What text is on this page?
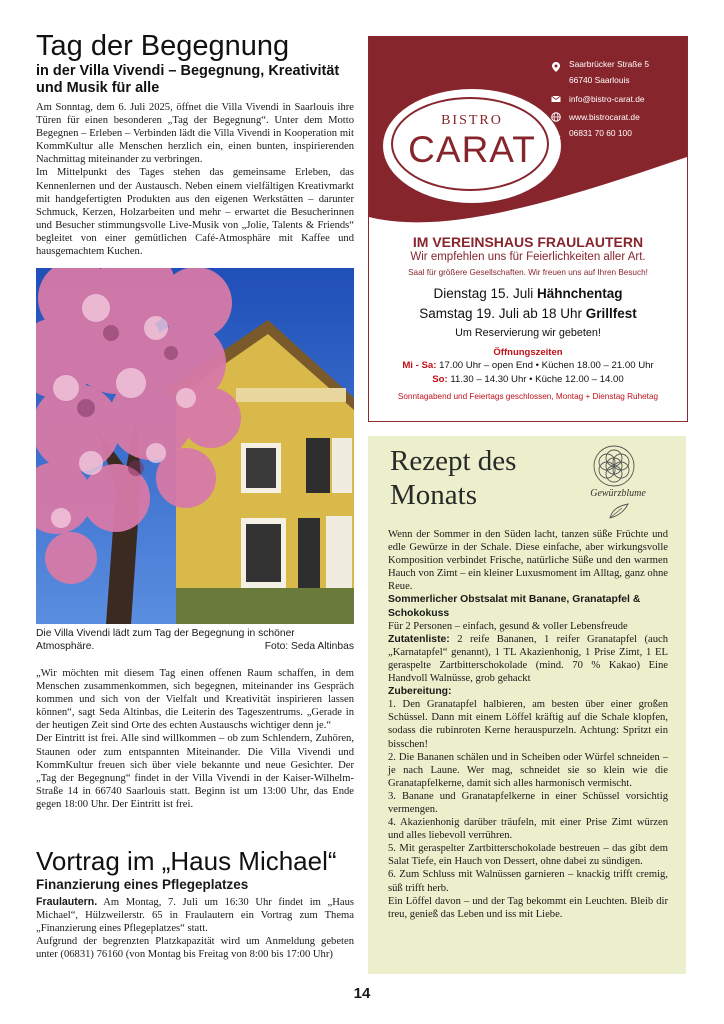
Tag der Begegnung
in der Villa Vivendi – Begegnung, Kreativität und Musik für alle

Am Sonntag, dem 6. Juli 2025, öffnet die Villa Vivendi in Saarlouis ihre Türen für einen besonderen „Tag der Begegnung“. Unter dem Motto Begegnen – Erleben – Verbinden lädt die Villa Vivendi in Kooperation mit KommKultur alle Menschen herzlich ein, einen bunten, inspirierenden Nachmittag miteinander zu verbringen.

Im Mittelpunkt des Tages stehen das gemeinsame Erleben, das Kennenlernen und der Austausch. Neben einem vielfältigen Kreativmarkt mit handgefertigten Produkten aus den eigenen Werkstätten – darunter Schmuck, Kerzen, Holzarbeiten und mehr – erwartet die Besucherinnen und Besucher stimmungsvolle Live-Musik von „Jolie, Talents & Friends“ begleitet von einer gemütlichen Café-Atmosphäre mit Kaffee und hausgemachtem Kuchen.

Die Villa Vivendi lädt zum Tag der Begegnung in schöner Atmosphäre.	Foto: Seda Altinbas

„Wir möchten mit diesem Tag einen offenen Raum schaffen, in dem Menschen zusammenkommen, sich begegnen, miteinander ins Gespräch kommen und sich von der Vielfalt und Kreativität inspirieren lassen können“, sagt Seda Altinbas, die Leiterin des Tageszentrums. „Gerade in der heutigen Zeit sind Orte des echten Austauschs wichtiger denn je.“

Der Eintritt ist frei. Alle sind willkommen – ob zum Schlendern, Zuhören, Staunen oder zum entspannten Miteinander. Die Villa Vivendi und KommKultur freuen sich über viele bekannte und neue Gesichter. Der „Tag der Begegnung“ findet in der Villa Vivendi in der Kaiser-Wilhelm-Straße 14 in 66740 Saarlouis statt. Beginn ist um 13:00 Uhr, das Ende gegen 18:00 Uhr. Der Eintritt ist frei.

Vortrag im „Haus Michael“
Finanzierung eines Pflegeplatzes

Fraulautern. Am Montag, 7. Juli um 16:30 Uhr findet im „Haus Michael“, Hülzweilerstr. 65 in Fraulautern ein Vortrag zum Thema „Finanzierung eines Pflegeplatzes“ statt.

Aufgrund der begrenzten Platzkapazität wird um Anmeldung gebeten unter (06831) 76160 (von Montag bis Freitag von 8:00 bis 17:00 Uhr)

14
BISTRO
CARAT
Saarbrücker Straße 5
66740 Saarlouis
info@bistro-carat.de
www.bistrocarat.de
06831 70 60 100
IM VEREINSHAUS FRAULAUTERN
Wir empfehlen uns für Feierlichkeiten aller Art.
Saal für größere Gesellschaften. Wir freuen uns auf Ihren Besuch!
Dienstag 15. Juli Hähnchentag
Samstag 19. Juli ab 18 Uhr Grillfest
Um Reservierung wir gebeten!
Öffnungszeiten
Mi - Sa: 17.00 Uhr – open End • Küchen 18.00 – 21.00 Uhr
So: 11.30 – 14.30 Uhr • Küche 12.00 – 14.00
Sonntagabend und Feiertags geschlossen, Montag + Dienstag Ruhetag
Rezept des
Monats	Gewürzblume

Wenn der Sommer in den Süden lacht, tanzen süße Früchte und edle Gewürze in der Schale. Diese einfache, aber wirkungsvolle Komposition verbindet Frische, natürliche Süße und den warmen Hauch von Zimt – ein kleiner Luxusmoment im Alltag, ganz ohne Reue.

Sommerlicher Obstsalat mit Banane, Granatapfel & Schokokuss

Für 2 Personen – einfach, gesund & voller Lebensfreude

Zutatenliste: 2 reife Bananen, 1 reifer Granatapfel (auch „Karnatapfel“ genannt), 1 TL Akazienhonig, 1 Prise Zimt, 1 EL geraspelte Zartbitterschokolade (mind. 70 % Kakao) Eine Handvoll Walnüsse, grob gehackt

Zubereitung:

1. Den Granatapfel halbieren, am besten über einer großen Schüssel. Dann mit einem Löffel kräftig auf die Schale klopfen, sodass die rubinroten Kerne herauspurzeln. Achtung: Spritzt ein bisschen!

2. Die Bananen schälen und in Scheiben oder Würfel schneiden – je nach Laune. Wer mag, schneidet sie so klein wie die Granatapfelkerne, damit sich alles harmonisch vermischt.

3. Banane und Granatapfelkerne in einer Schüssel vorsichtig vermengen.

4. Akazienhonig darüber träufeln, mit einer Prise Zimt würzen und alles liebevoll verrühren.

5. Mit geraspelter Zartbitterschokolade bestreuen – das gibt dem Salat Tiefe, ein Hauch von Dessert, ohne dabei zu sündigen.

6. Zum Schluss mit Walnüssen garnieren – knackig trifft cremig, süß trifft herb.

Ein Löffel davon – und der Tag bekommt ein Leuchten. Bleib dir treu, genieß das Leben und iss mit Liebe.
